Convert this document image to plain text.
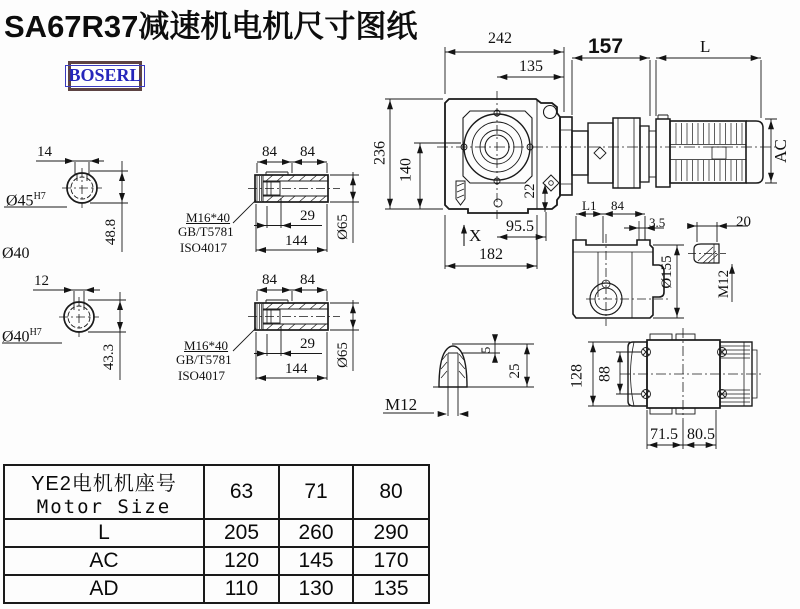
SA67R37减速机电机尺寸图纸
BOSERL
14
$Ø45^{H7}$
48.8
Ø40
12
$Ø40^{H7}$
43.3
84 84
M16*40
GB/T5781
ISO4017
29
144
Ø65
84 84
M16*40
GB/T5781
ISO4017
29
144
Ø65
242
135
236
140
22
X 95.5
182
157	L
AC
L1 84
3.5
Ø155
20
M12
128 88
71.5 80.5
M12
5
25
YE2电机机座号
Motor Size	63	71	80
L	205	260	290
AC	120	145	170
AD	110	130	135
